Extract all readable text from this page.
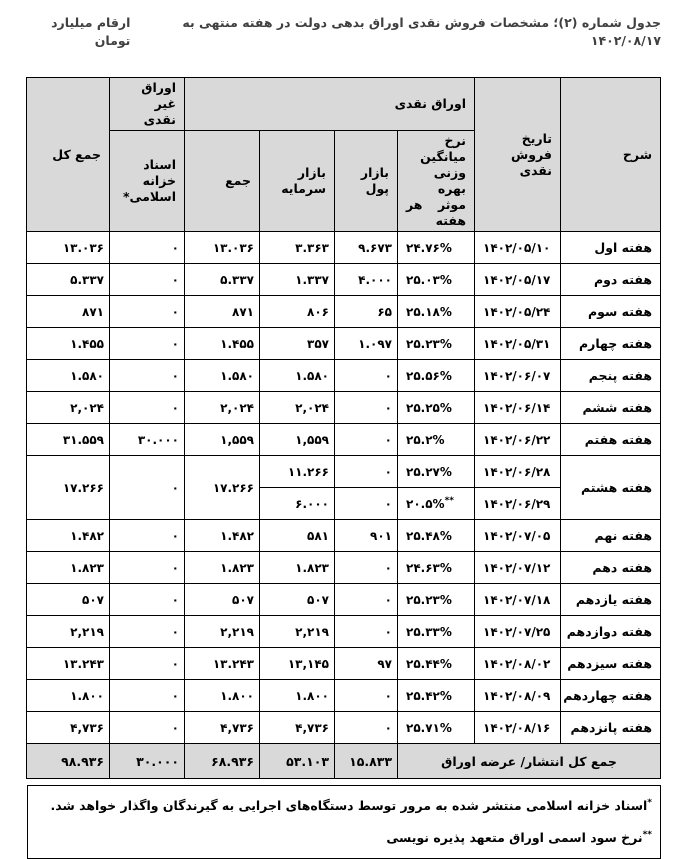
جدول شماره (۲)؛ مشخصات فروش نقدی اوراق بدهی دولت در هفته منتهی به ۱۴۰۲/۰۸/۱۷
ارقام میلیارد تومان
شرح	تاریخ فروش نقدی	اوراق نقدی				اوراق غیر نقدی	جمع کل
		نرخ میانگین وزنی بهره موثر هر هفته	بازار پول	بازار سرمایه	جمع	اسناد خزانه اسلامی*	
هفته اول	۱۴۰۲/۰۵/۱۰	۲۴.۷۶%	۹.۶۷۳	۳.۳۶۳	۱۳.۰۳۶	۰	۱۳.۰۳۶
هفته دوم	۱۴۰۲/۰۵/۱۷	۲۵.۰۳%	۴.۰۰۰	۱.۳۳۷	۵.۳۳۷	۰	۵.۳۳۷
هفته سوم	۱۴۰۲/۰۵/۲۴	۲۵.۱۸%	۶۵	۸۰۶	۸۷۱	۰	۸۷۱
هفته چهارم	۱۴۰۲/۰۵/۳۱	۲۵.۲۳%	۱.۰۹۷	۳۵۷	۱.۴۵۵	۰	۱.۴۵۵
هفته پنجم	۱۴۰۲/۰۶/۰۷	۲۵.۵۶%	۰	۱.۵۸۰	۱.۵۸۰	۰	۱.۵۸۰
هفته ششم	۱۴۰۲/۰۶/۱۴	۲۵.۲۵%	۰	۲,۰۲۴	۲,۰۲۴	۰	۲,۰۲۴
هفته هفتم	۱۴۰۲/۰۶/۲۲	۲۵.۲%	۰	۱,۵۵۹	۱,۵۵۹	۳۰.۰۰۰	۳۱.۵۵۹
هفته هشتم	۱۴۰۲/۰۶/۲۸	۲۵.۲۷%	۰	۱۱.۲۶۶	۱۷.۲۶۶	۰	۱۷.۲۶۶
	۱۴۰۲/۰۶/۲۹	۲۰.۵%**	۰	۶.۰۰۰			
هفته نهم	۱۴۰۲/۰۷/۰۵	۲۵.۴۸%	۹۰۱	۵۸۱	۱.۴۸۲	۰	۱.۴۸۲
هفته دهم	۱۴۰۲/۰۷/۱۲	۲۴.۶۳%	۰	۱.۸۲۳	۱.۸۲۳	۰	۱.۸۲۳
هفته یازدهم	۱۴۰۲/۰۷/۱۸	۲۵.۲۳%	۰	۵۰۷	۵۰۷	۰	۵۰۷
هفته دوازدهم	۱۴۰۲/۰۷/۲۵	۲۵.۳۳%	۰	۲,۲۱۹	۲,۲۱۹	۰	۲,۲۱۹
هفته سیزدهم	۱۴۰۲/۰۸/۰۲	۲۵.۴۴%	۹۷	۱۳,۱۴۵	۱۳.۲۴۳	۰	۱۳.۲۴۳
هفته چهاردهم	۱۴۰۲/۰۸/۰۹	۲۵.۴۲%	۰	۱.۸۰۰	۱.۸۰۰	۰	۱.۸۰۰
هفته پانزدهم	۱۴۰۲/۰۸/۱۶	۲۵.۷۱%	۰	۴,۷۳۶	۴,۷۳۶	۰	۴,۷۳۶
جمع کل انتشار/ عرضه اوراق			۱۵.۸۳۳	۵۳.۱۰۳	۶۸.۹۳۶	۳۰.۰۰۰	۹۸.۹۳۶

*اسناد خزانه اسلامی منتشر شده به مرور توسط دستگاه‌های اجرایی به گیرندگان واگذار خواهد شد.

**نرخ سود اسمی اوراق متعهد پذیره نویسی
